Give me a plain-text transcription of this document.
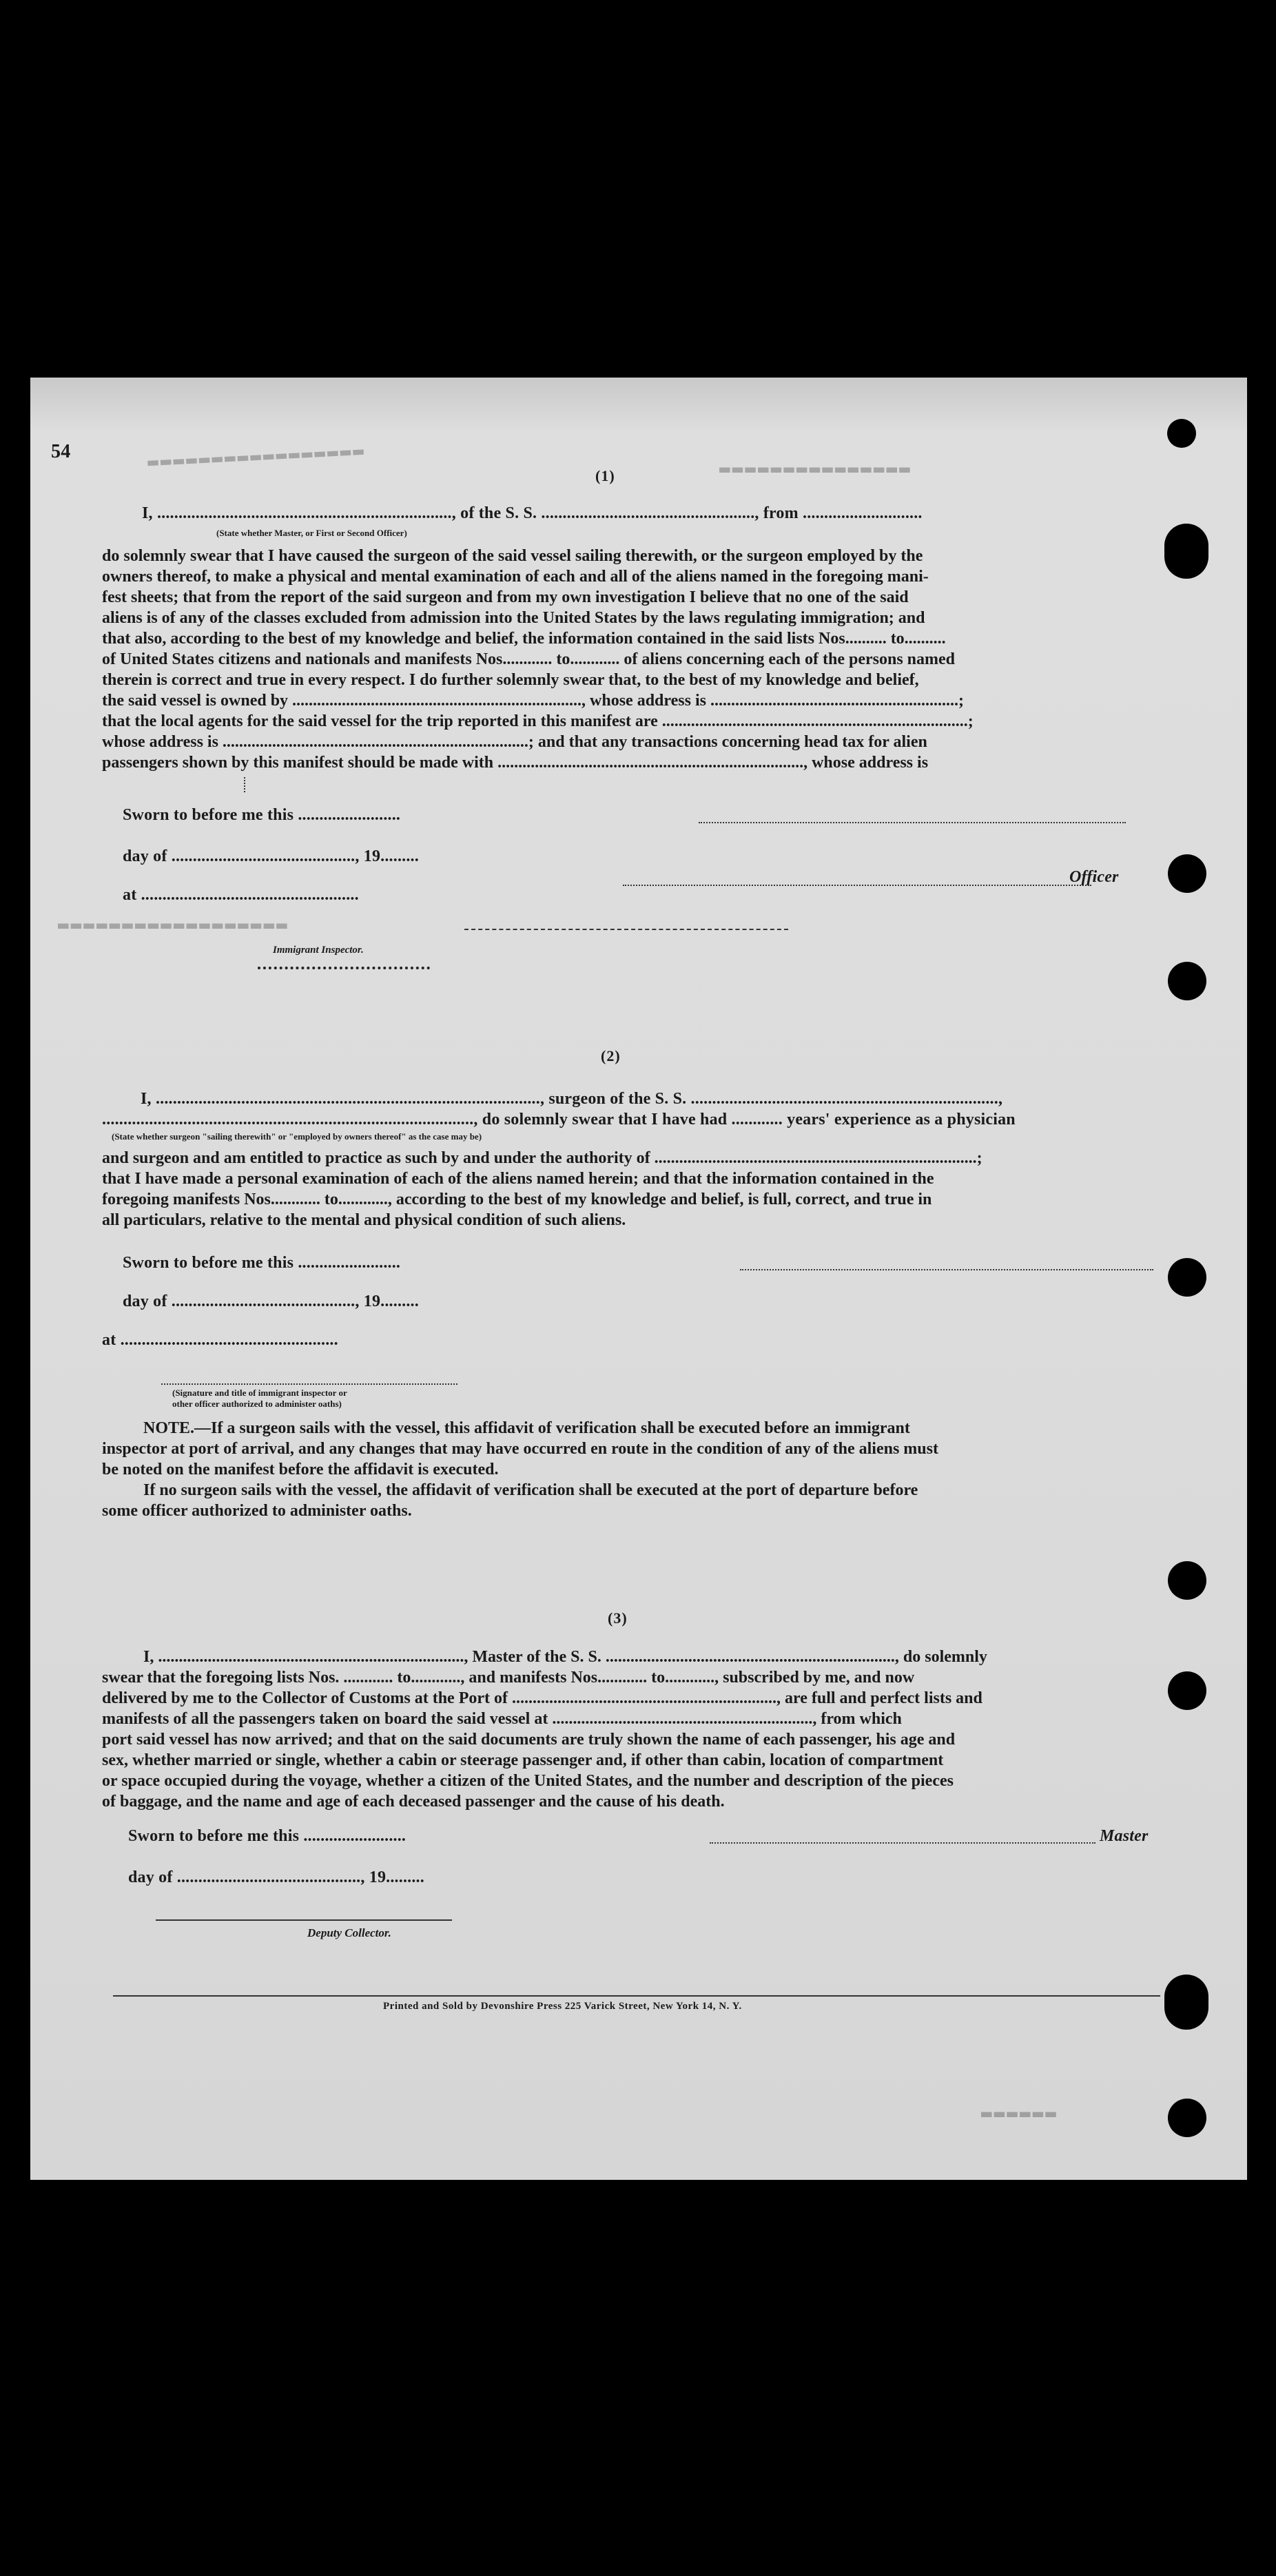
54	▬▬▬▬▬▬▬▬▬▬▬▬▬▬▬▬▬	▬▬▬▬▬▬▬▬▬▬▬▬▬▬▬
▬▬▬▬▬▬▬▬▬▬▬▬▬▬▬▬▬▬
▬▬▬▬▬▬
(1)
I, ....................................................................., of the S. S. .................................................., from ............................
(State whether Master, or First or Second Officer)
do solemnly swear that I have caused the surgeon of the said vessel sailing therewith, or the surgeon employed by the
owners thereof, to make a physical and mental examination of each and all of the aliens named in the foregoing mani-
fest sheets; that from the report of the said surgeon and from my own investigation I believe that no one of the said
aliens is of any of the classes excluded from admission into the United States by the laws regulating immigration; and
that also, according to the best of my knowledge and belief, the information contained in the said lists Nos.......... to..........
of United States citizens and nationals and manifests Nos............ to............ of aliens concerning each of the persons named
therein is correct and true in every respect. I do further solemnly swear that, to the best of my knowledge and belief,
the said vessel is owned by ......................................................................, whose address is ............................................................;
that the local agents for the said vessel for the trip reported in this manifest are ..........................................................................;
whose address is ..........................................................................; and that any transactions concerning head tax for alien
passengers shown by this manifest should be made with .........................................................................., whose address is
Sworn to before me this ........................
day of ..........................................., 19.........
Officer
at ...................................................
Immigrant Inspector.
(2)
I, .........................................................................................., surgeon of the S. S. ........................................................................,
......................................................................................., do solemnly swear that I have had ............ years' experience as a physician
(State whether surgeon "sailing therewith" or "employed by owners thereof" as the case may be)
and surgeon and am entitled to practice as such by and under the authority of ..............................................................................;
that I have made a personal examination of each of the aliens named herein; and that the information contained in the
foregoing manifests Nos............ to............, according to the best of my knowledge and belief, is full, correct, and true in
all particulars, relative to the mental and physical condition of such aliens.
Sworn to before me this ........................
day of ..........................................., 19.........
at ...................................................
(Signature and title of immigrant inspector or
other officer authorized to administer oaths)
NOTE.—If a surgeon sails with the vessel, this affidavit of verification shall be executed before an immigrant
inspector at port of arrival, and any changes that may have occurred en route in the condition of any of the aliens must
be noted on the manifest before the affidavit is executed.
If no surgeon sails with the vessel, the affidavit of verification shall be executed at the port of departure before
some officer authorized to administer oaths.
(3)
I, .........................................................................., Master of the S. S. ......................................................................, do solemnly
swear that the foregoing lists Nos. ............ to............, and manifests Nos............ to............, subscribed by me, and now
delivered by me to the Collector of Customs at the Port of ................................................................, are full and perfect lists and
manifests of all the passengers taken on board the said vessel at ..............................................................., from which
port said vessel has now arrived; and that on the said documents are truly shown the name of each passenger, his age and
sex, whether married or single, whether a cabin or steerage passenger and, if other than cabin, location of compartment
or space occupied during the voyage, whether a citizen of the United States, and the number and description of the pieces
of baggage, and the name and age of each deceased passenger and the cause of his death.
Sworn to before me this ........................	Master
day of ..........................................., 19.........
Deputy Collector.
Printed and Sold by Devonshire Press 225 Varick Street, New York 14, N. Y.
